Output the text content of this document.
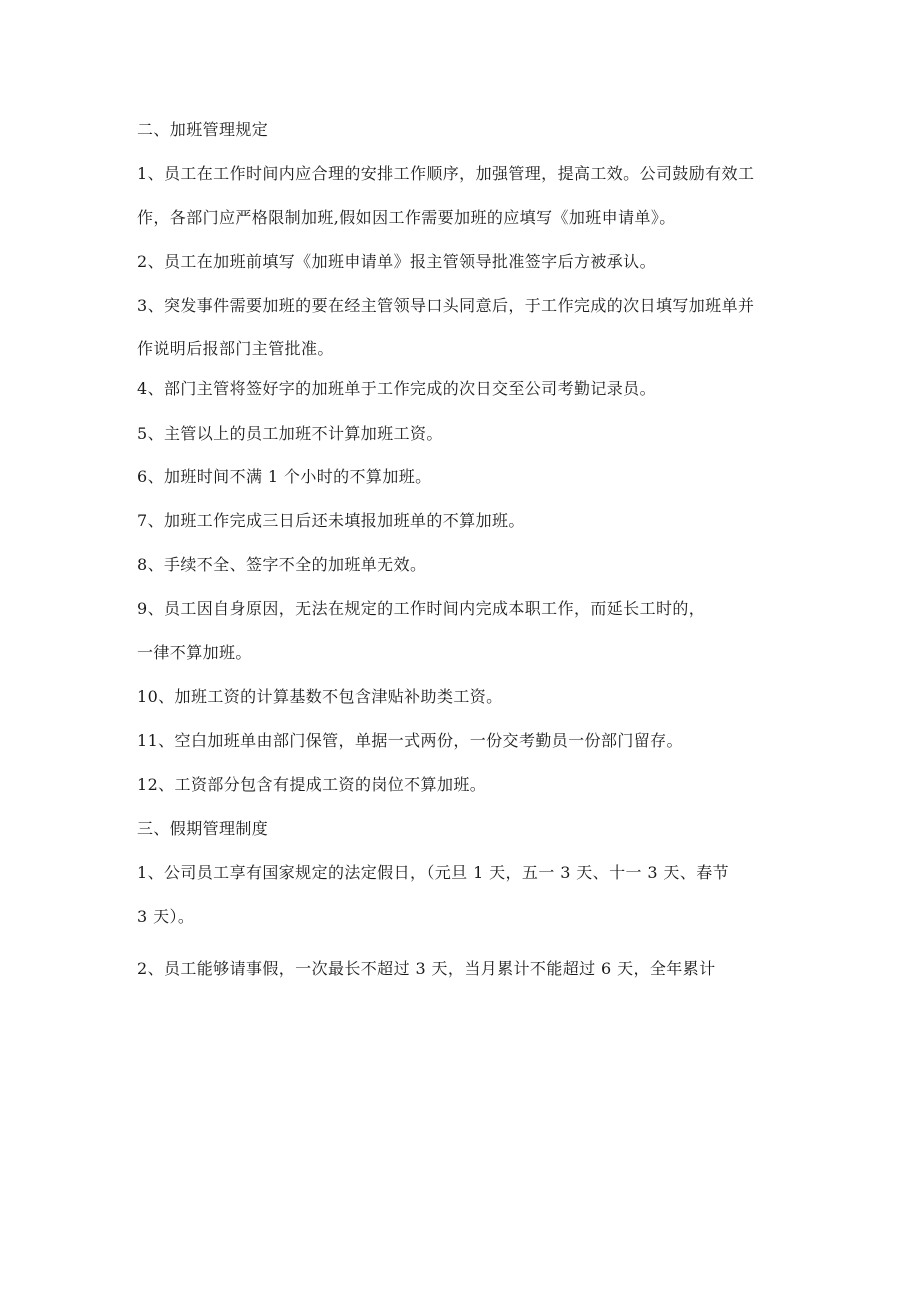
二、加班管理规定
1、员工在工作时间内应合理的安排工作顺序，加强管理，提高工效。公司鼓励有效工
作，各部门应严格限制加班,假如因工作需要加班的应填写《加班申请单》。
2、员工在加班前填写《加班申请单》报主管领导批准签字后方被承认。
3、突发事件需要加班的要在经主管领导口头同意后，于工作完成的次日填写加班单并
作说明后报部门主管批准。
4、部门主管将签好字的加班单于工作完成的次日交至公司考勤记录员。
5、主管以上的员工加班不计算加班工资。
6、加班时间不满 1 个小时的不算加班。
7、加班工作完成三日后还未填报加班单的不算加班。
8、手续不全、签字不全的加班单无效。
9、员工因自身原因，无法在规定的工作时间内完成本职工作，而延长工时的，
一律不算加班。
10、加班工资的计算基数不包含津贴补助类工资。
11、空白加班单由部门保管，单据一式两份，一份交考勤员一份部门留存。
12、工资部分包含有提成工资的岗位不算加班。
三、假期管理制度
1、公司员工享有国家规定的法定假日，（元旦 1 天，五一 3 天、十一 3 天、春节
3 天）。
2、员工能够请事假，一次最长不超过 3 天，当月累计不能超过 6 天，全年累计
